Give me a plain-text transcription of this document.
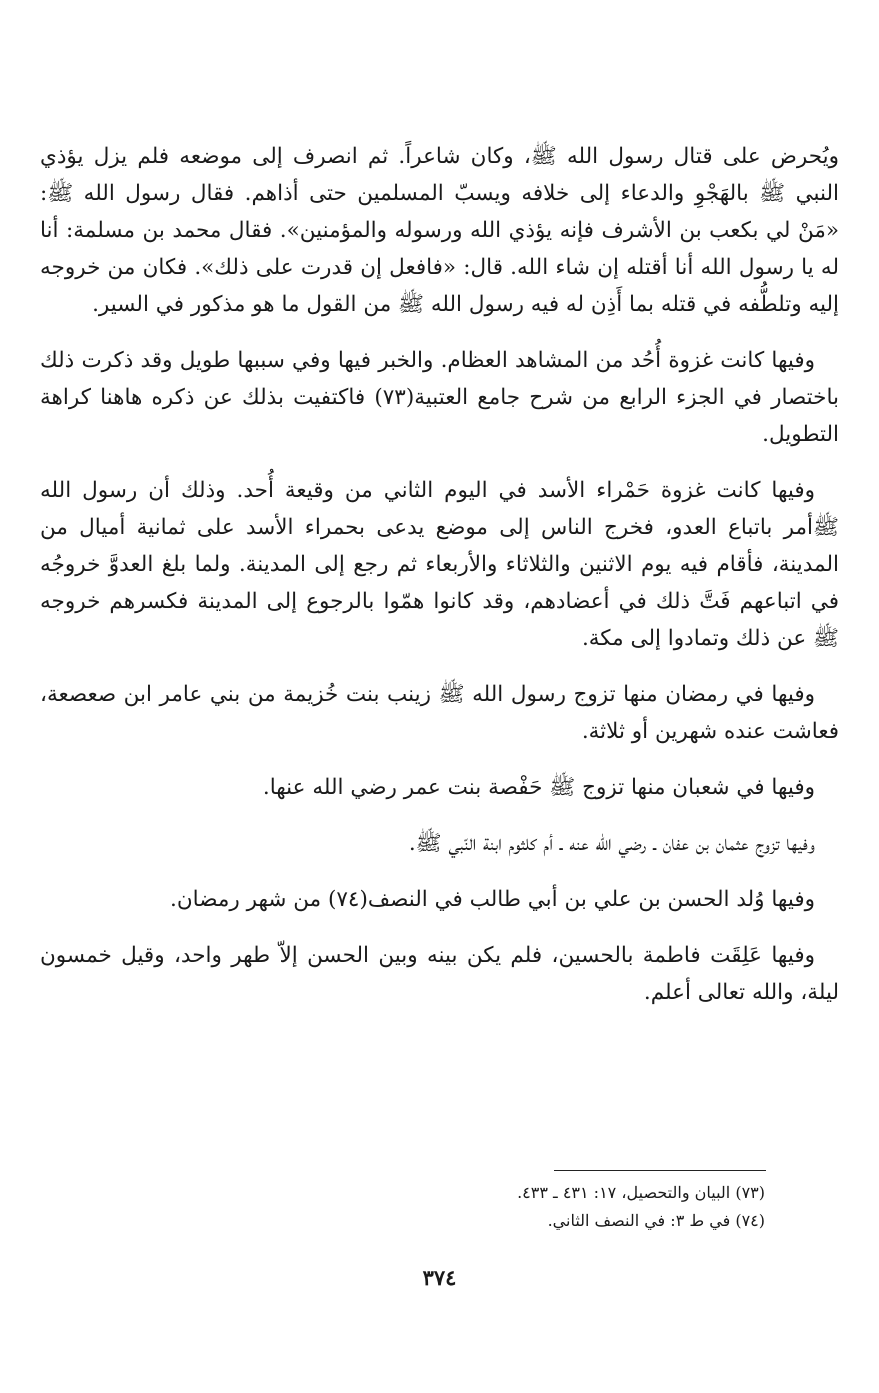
ويُحرض على قتال رسول الله ﷺ، وكان شاعراً. ثم انصرف إلى موضعه فلم يزل يؤذي النبي ﷺ بالهَجْوِ والدعاء إلى خلافه ويسبّ المسلمين حتى أذاهم. فقال رسول الله ﷺ: «مَنْ لي بكعب بن الأشرف فإنه يؤذي الله ورسوله والمؤمنين». فقال محمد بن مسلمة: أنا له يا رسول الله أنا أقتله إن شاء الله. قال: «فافعل إن قدرت على ذلك». فكان من خروجه إليه وتلطُّفه في قتله بما أَذِن له فيه رسول الله ﷺ من القول ما هو مذكور في السير.

وفيها كانت غزوة أُحُد من المشاهد العظام. والخبر فيها وفي سببها طويل وقد ذكرت ذلك باختصار في الجزء الرابع من شرح جامع العتبية(٧٣) فاكتفيت بذلك عن ذكره هاهنا كراهة التطويل.

وفيها كانت غزوة حَمْراء الأسد في اليوم الثاني من وقيعة أُحد. وذلك أن رسول الله ﷺأمر باتباع العدو، فخرج الناس إلى موضع يدعى بحمراء الأسد على ثمانية أميال من المدينة، فأقام فيه يوم الاثنين والثلاثاء والأربعاء ثم رجع إلى المدينة. ولما بلغ العدوَّ خروجُه في اتباعهم فَتَّ ذلك في أعضادهم، وقد كانوا همّوا بالرجوع إلى المدينة فكسرهم خروجه ﷺ عن ذلك وتمادوا إلى مكة.

وفيها في رمضان منها تزوج رسول الله ﷺ زينب بنت خُزيمة من بني عامر ابن صعصعة، فعاشت عنده شهرين أو ثلاثة.

وفيها في شعبان منها تزوج ﷺ حَفْصة بنت عمر رضي الله عنها.

وفيها تزوج عثمان بن عفان ـ رضي الله عنه ـ أم كلثوم ابنة النّبي ﷺ.

وفيها وُلد الحسن بن علي بن أبي طالب في النصف(٧٤) من شهر رمضان.

وفيها عَلِقَت فاطمة بالحسين، فلم يكن بينه وبين الحسن إلاّ طهر واحد، وقيل خمسون ليلة، والله تعالى أعلم.

(٧٣) البيان والتحصيل، ١٧: ٤٣١ ـ ٤٣٣.
(٧٤) في ط ٣: في النصف الثاني.
٣٧٤
